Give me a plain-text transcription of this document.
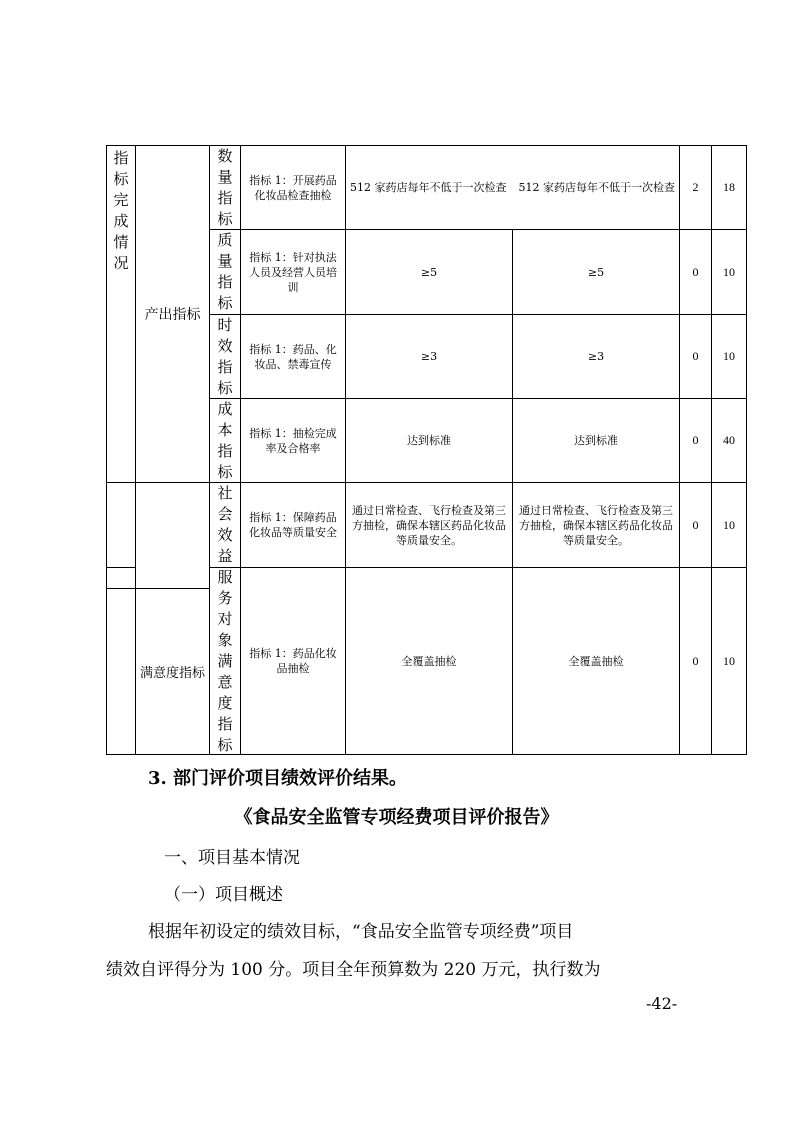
指标完成情况
产出指标
满意度指标
数量指标
质量指标
时效指标
成本指标
社会效益
服务对象满意度指标
指标 1：开展药品化妆品检查抽检
指标 1：针对执法人员及经营人员培训
指标 1：药品、化妆品、禁毒宣传
指标 1：抽检完成率及合格率
指标 1：保障药品化妆品等质量安全
指标 1：药品化妆品抽检
512 家药店每年不低于一次检查 512 家药店每年不低于一次检查
≥5
≥3
达到标准
通过日常检查、飞行检查及第三方抽检，确保本辖区药品化妆品等质量安全。
全覆盖抽检
≥5
≥3
达到标准
通过日常检查、飞行检查及第三方抽检，确保本辖区药品化妆品等质量安全。
全覆盖抽检
2
0
0
0
0
0
18
10
10
40
10
10
3. 部门评价项目绩效评价结果。
《食品安全监管专项经费项目评价报告》
一、项目基本情况
（一）项目概述
根据年初设定的绩效目标，“食品安全监管专项经费”项目
绩效自评得分为 100 分。项目全年预算数为 220 万元，执行数为
-42-
